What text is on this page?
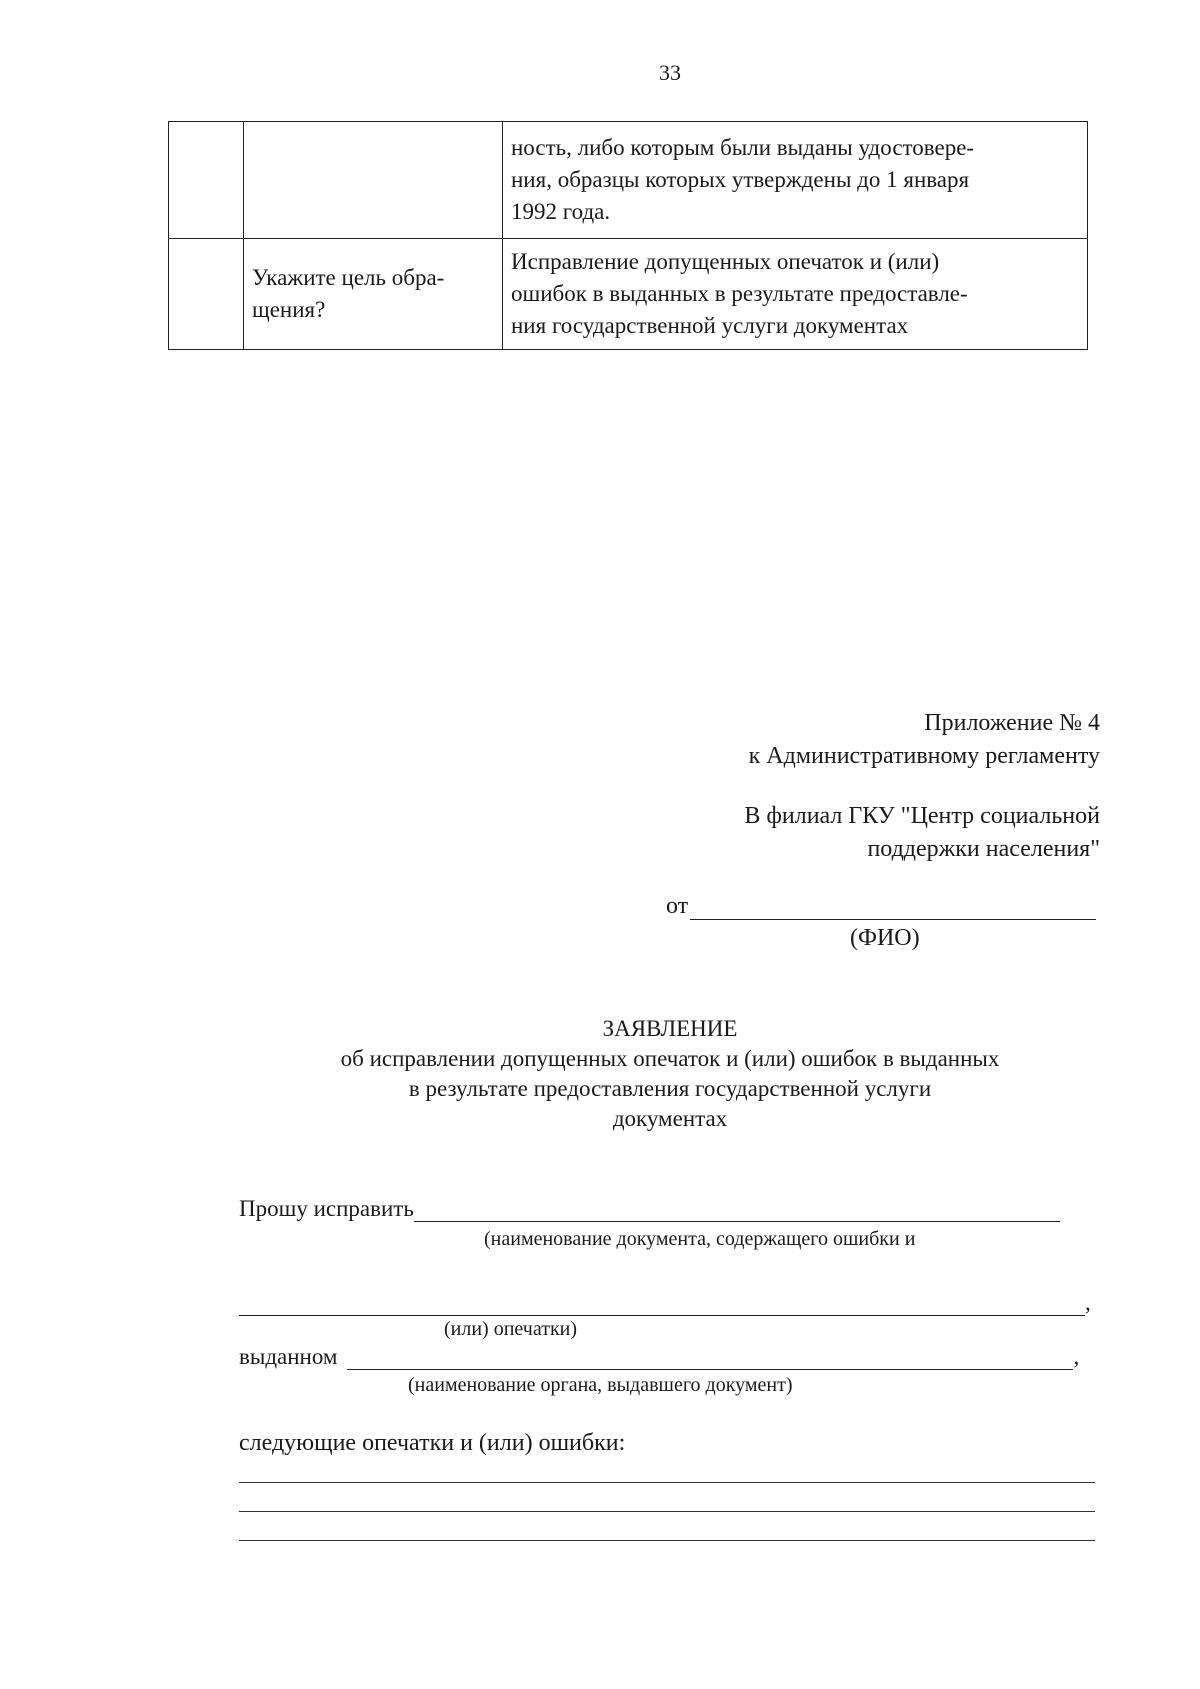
33
		ность, либо которым были выданы удостовере-
ния, образцы которых утверждены до 1 января
1992 года.
	Укажите цель обра-
щения?	Исправление допущенных опечаток и (или)
ошибок в выданных в результате предоставле-
ния государственной услуги документах
Приложение № 4
к Административному регламенту
В филиал ГКУ "Центр социальной
поддержки населения"
от
(ФИО)
ЗАЯВЛЕНИЕ
об исправлении допущенных опечаток и (или) ошибок в выданных
в результате предоставления государственной услуги
документах
Прошу исправить
(наименование документа, содержащего ошибки и
,
(или) опечатки)
выданном	,
(наименование органа, выдавшего документ)
следующие опечатки и (или) ошибки:
